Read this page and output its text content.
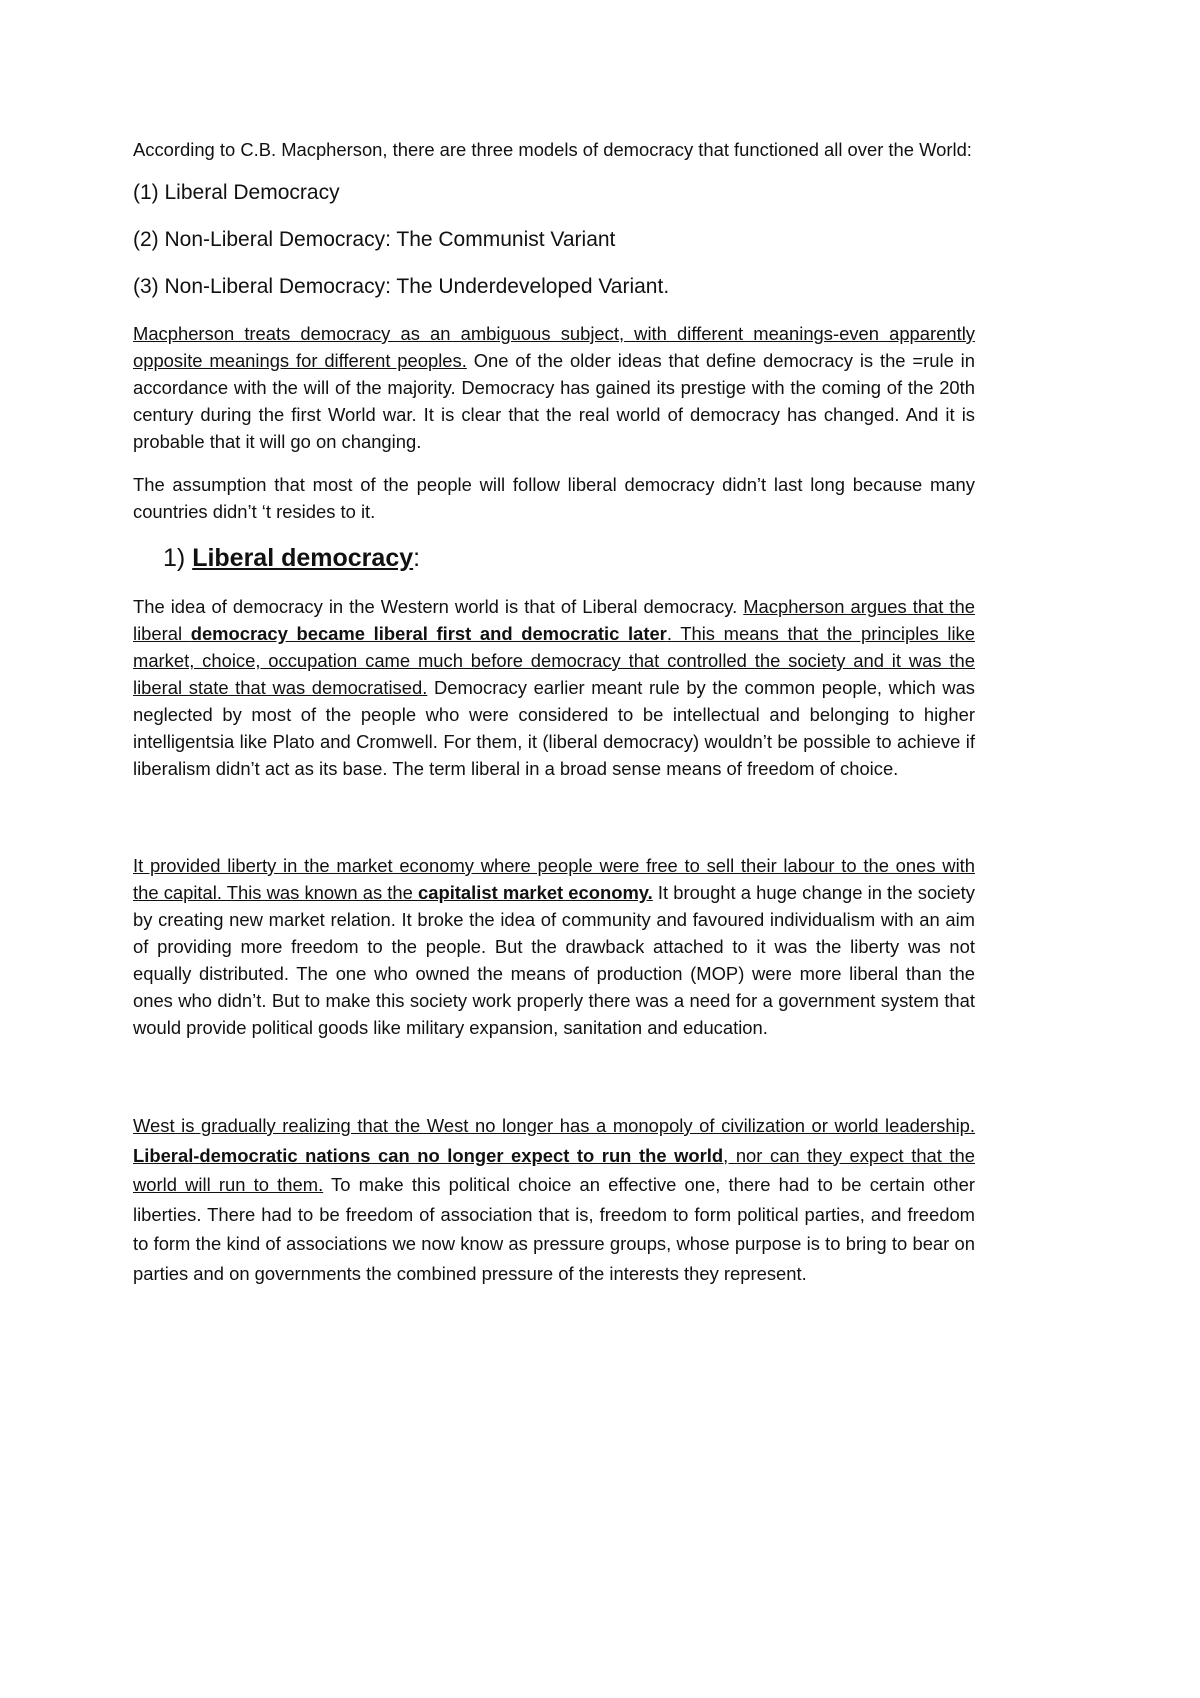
According to C.B. Macpherson, there are three models of democracy that functioned all over the World:

(1) Liberal Democracy

(2) Non-Liberal Democracy: The Communist Variant

(3) Non-Liberal Democracy: The Underdeveloped Variant.

Macpherson treats democracy as an ambiguous subject, with different meanings-even apparently opposite meanings for different peoples. One of the older ideas that define democracy is the =rule in accordance with the will of the majority. Democracy has gained its prestige with the coming of the 20th century during the first World war. It is clear that the real world of democracy has changed. And it is probable that it will go on changing.

The assumption that most of the people will follow liberal democracy didn’t last long because many countries didn’t ‘t resides to it.

1) Liberal democracy:

The idea of democracy in the Western world is that of Liberal democracy. Macpherson argues that the liberal democracy became liberal first and democratic later. This means that the principles like market, choice, occupation came much before democracy that controlled the society and it was the liberal state that was democratised. Democracy earlier meant rule by the common people, which was neglected by most of the people who were considered to be intellectual and belonging to higher intelligentsia like Plato and Cromwell. For them, it (liberal democracy) wouldn’t be possible to achieve if liberalism didn’t act as its base. The term liberal in a broad sense means of freedom of choice.

It provided liberty in the market economy where people were free to sell their labour to the ones with the capital. This was known as the capitalist market economy. It brought a huge change in the society by creating new market relation. It broke the idea of community and favoured individualism with an aim of providing more freedom to the people. But the drawback attached to it was the liberty was not equally distributed. The one who owned the means of production (MOP) were more liberal than the ones who didn’t. But to make this society work properly there was a need for a government system that would provide political goods like military expansion, sanitation and education.

West is gradually realizing that the West no longer has a monopoly of civilization or world leadership. Liberal-democratic nations can no longer expect to run the world, nor can they expect that the world will run to them. To make this political choice an effective one, there had to be certain other liberties. There had to be freedom of association that is, freedom to form political parties, and freedom to form the kind of associations we now know as pressure groups, whose purpose is to bring to bear on parties and on governments the combined pressure of the interests they represent.
